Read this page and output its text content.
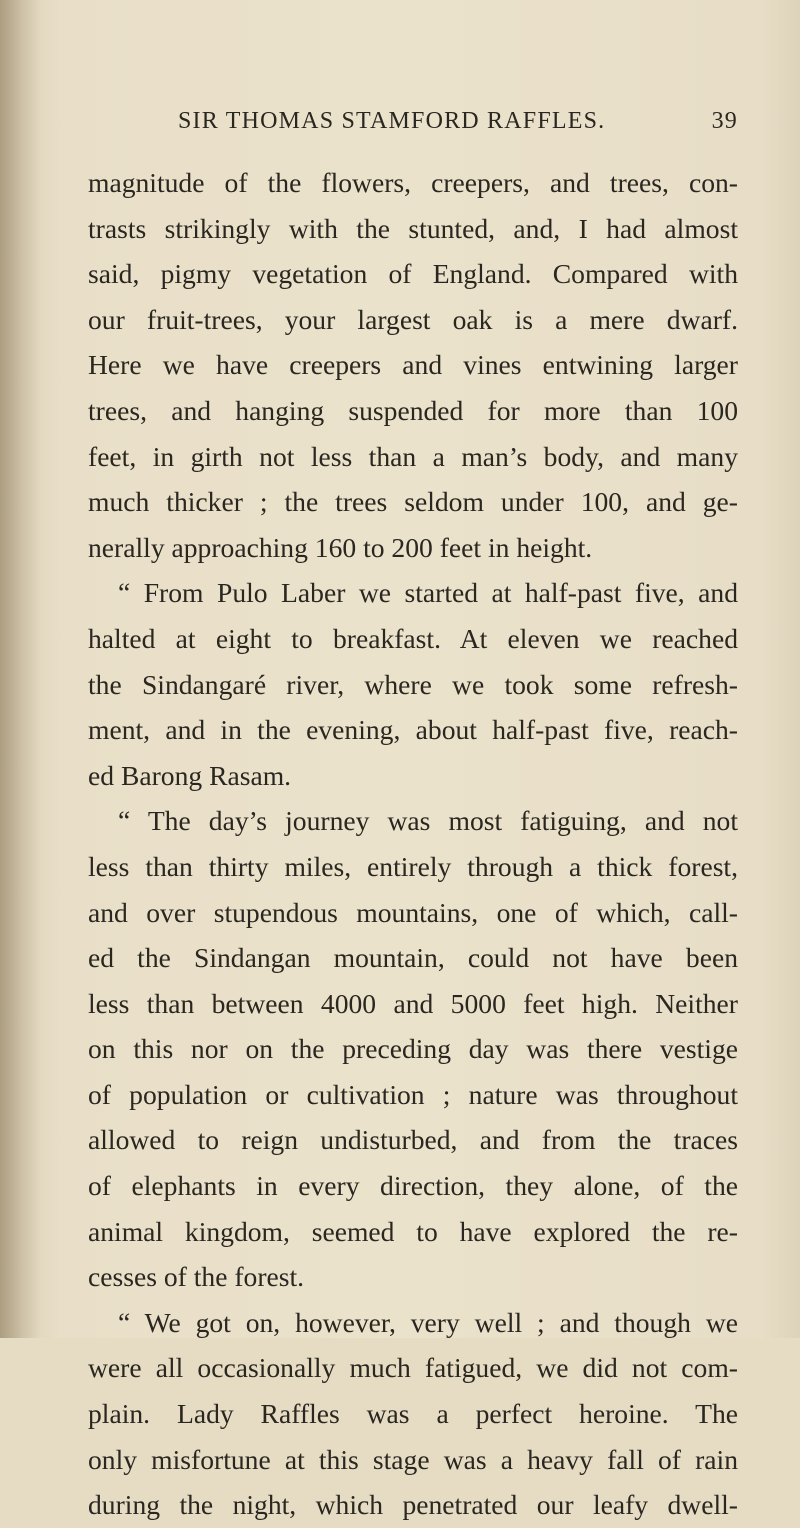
SIR THOMAS STAMFORD RAFFLES.	39
magnitude of the flowers, creepers, and trees, con-
trasts strikingly with the stunted, and, I had almost
said, pigmy vegetation of England. Compared with
our fruit-trees, your largest oak is a mere dwarf.
Here we have creepers and vines entwining larger
trees, and hanging suspended for more than 100
feet, in girth not less than a man’s body, and many
much thicker ; the trees seldom under 100, and ge-
nerally approaching 160 to 200 feet in height.
“ From Pulo Laber we started at half-past five, and
halted at eight to breakfast. At eleven we reached
the Sindangaré river, where we took some refresh-
ment, and in the evening, about half-past five, reach-
ed Barong Rasam.
“ The day’s journey was most fatiguing, and not
less than thirty miles, entirely through a thick forest,
and over stupendous mountains, one of which, call-
ed the Sindangan mountain, could not have been
less than between 4000 and 5000 feet high. Neither
on this nor on the preceding day was there vestige
of population or cultivation ; nature was throughout
allowed to reign undisturbed, and from the traces
of elephants in every direction, they alone, of the
animal kingdom, seemed to have explored the re-
cesses of the forest.
“ We got on, however, very well ; and though we
were all occasionally much fatigued, we did not com-
plain. Lady Raffles was a perfect heroine. The
only misfortune at this stage was a heavy fall of rain
during the night, which penetrated our leafy dwell-
